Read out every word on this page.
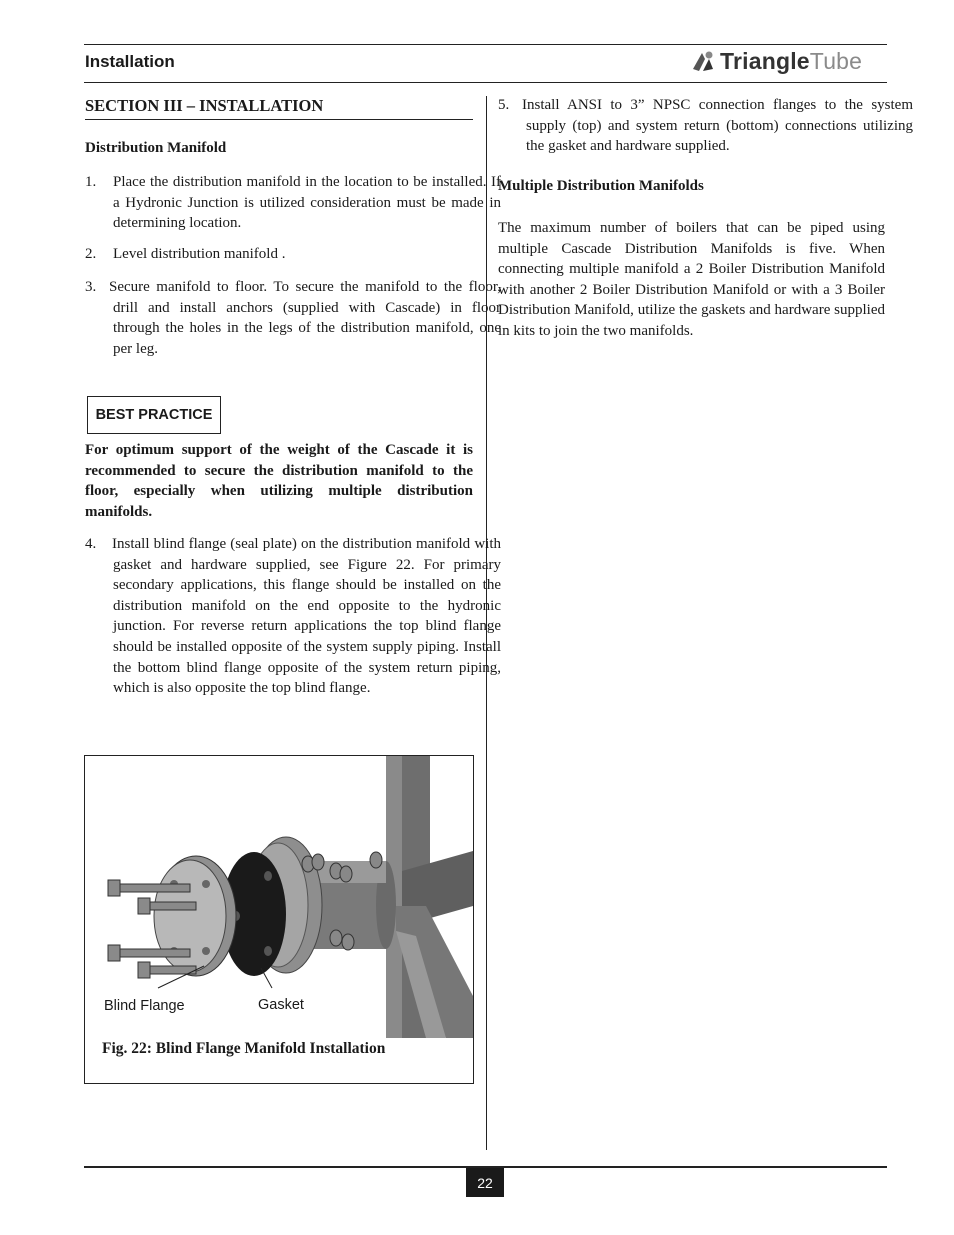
Installation	Triangle Tube
SECTION III – INSTALLATION
Distribution Manifold
1. Place the distribution manifold in the location to be installed. If a Hydronic Junction is utilized consideration must be made in determining location.
2. Level distribution manifold .
3. Secure manifold to floor. To secure the manifold to the floor, drill and install anchors (supplied with Cascade) in floor through the holes in the legs of the distribution manifold, one per leg.
BEST PRACTICE
For optimum support of the weight of the Cascade it is recommended to secure the distribution manifold to the floor, especially when utilizing multiple distribution manifolds.
4. Install blind flange (seal plate) on the distribution manifold with gasket and hardware supplied, see Figure 22. For primary secondary applications, this flange should be installed on the distribution manifold on the end opposite to the hydronic junction. For reverse return applications the top blind flange should be installed opposite of the system supply piping. Install the bottom blind flange opposite of the system return piping, which is also opposite the top blind flange.
Blind Flange	Gasket
Fig. 22: Blind Flange Manifold Installation
5. Install ANSI to 3” NPSC connection flanges to the system supply (top) and system return (bottom) connections utilizing the gasket and hardware supplied.
Multiple Distribution Manifolds
The maximum number of boilers that can be piped using multiple Cascade Distribution Manifolds is five. When connecting multiple manifold a 2 Boiler Distribution Manifold with another 2 Boiler Distribution Manifold or with a 3 Boiler Distribution Manifold, utilize the gaskets and hardware supplied in kits to join the two manifolds.
22
